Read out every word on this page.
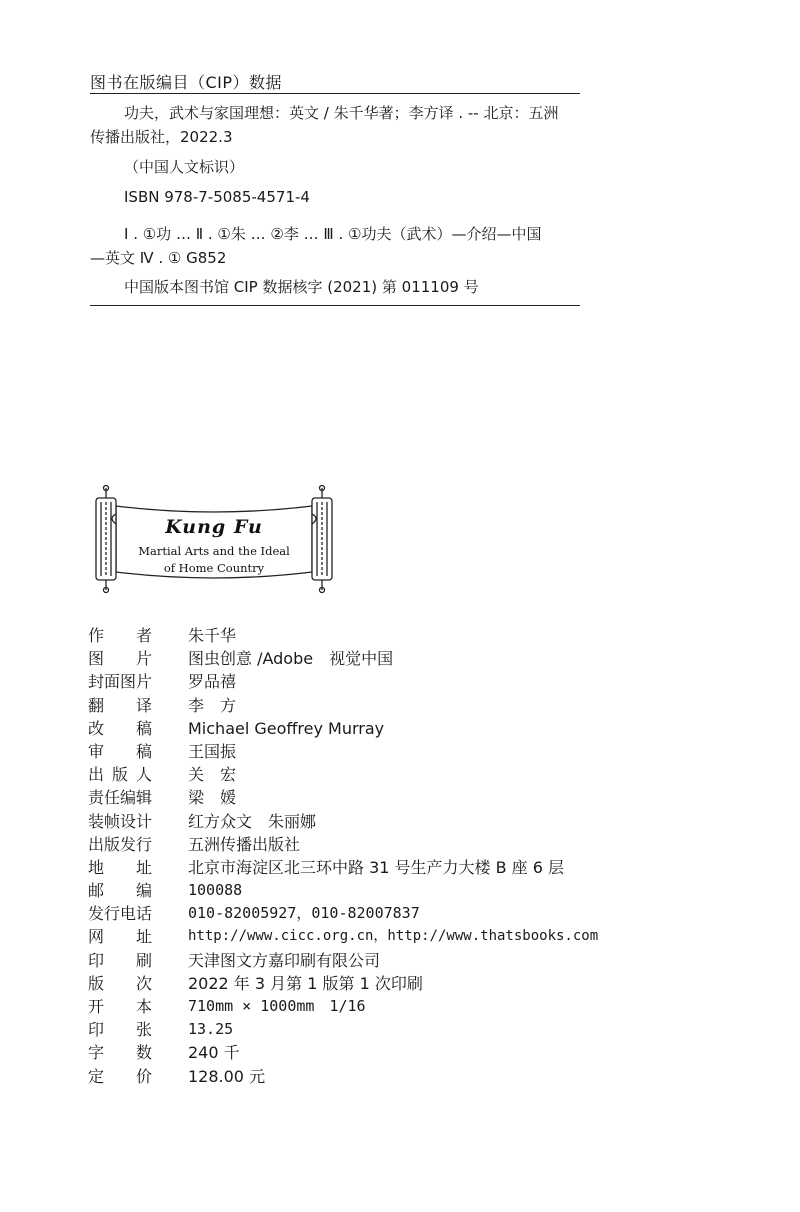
图书在版编目（CIP）数据

功夫，武术与家国理想：英文 / 朱千华著；李方译 . -- 北京：五洲

传播出版社，2022.3

（中国人文标识）

ISBN 978-7-5085-4571-4

Ⅰ . ①功 … Ⅱ . ①朱 … ②李 … Ⅲ . ①功夫（武术）—介绍—中国

—英文 Ⅳ . ① G852

中国版本图书馆 CIP 数据核字 (2021) 第 011109 号
Kung Fu
Martial Arts and the Ideal
of Home Country
作者 朱千华
图片 图虫创意 /Adobe　视觉中国
封面图片	罗品禧
翻译 李　方
改稿 Michael Geoffrey Murray
审稿 王国振
出版人 关　宏
责任编辑	梁　媛
装帧设计	红方众文　朱丽娜
出版发行	五洲传播出版社
地址 北京市海淀区北三环中路 31 号生产力大楼 B 座 6 层
邮编 100088
发行电话	010-82005927，010-82007837
网址	http://www.cicc.org.cn，http://www.thatsbooks.com
印刷 天津图文方嘉印刷有限公司
版次 2022 年 3 月第 1 版第 1 次印刷
开本 710mm × 1000mm　1/16
印张 13.25
字数 240 千
定价 128.00 元
